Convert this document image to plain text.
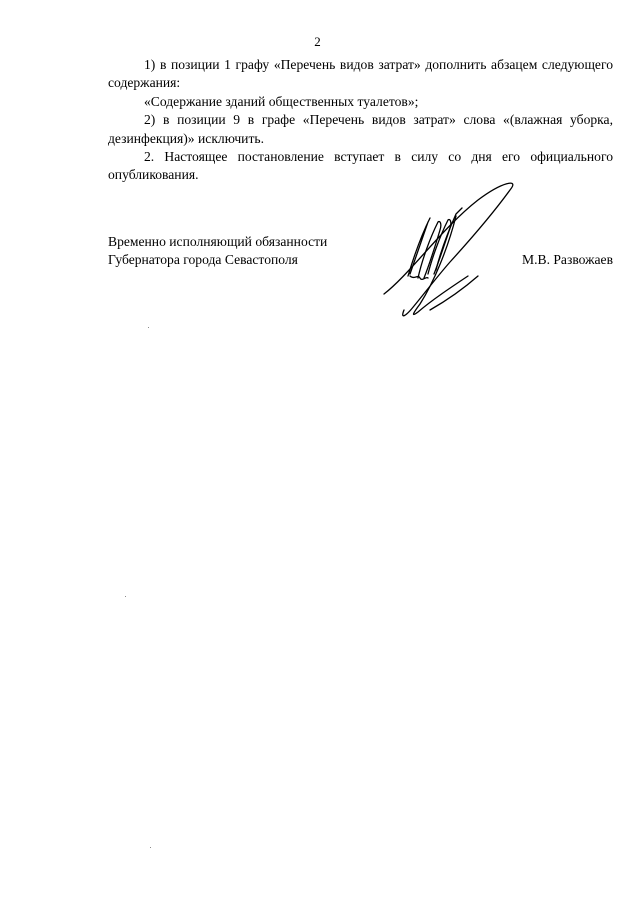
2

1) в позиции 1 графу «Перечень видов затрат» дополнить абзацем следующего содержания:

«Содержание зданий общественных туалетов»;

2) в позиции 9 в графе «Перечень видов затрат» слова «(влажная уборка, дезинфекция)» исключить.

2. Настоящее постановление вступает в силу со дня его официального опубликования.

Временно исполняющий обязанности
Губернатора города Севастополя	М.В. Развожаев
